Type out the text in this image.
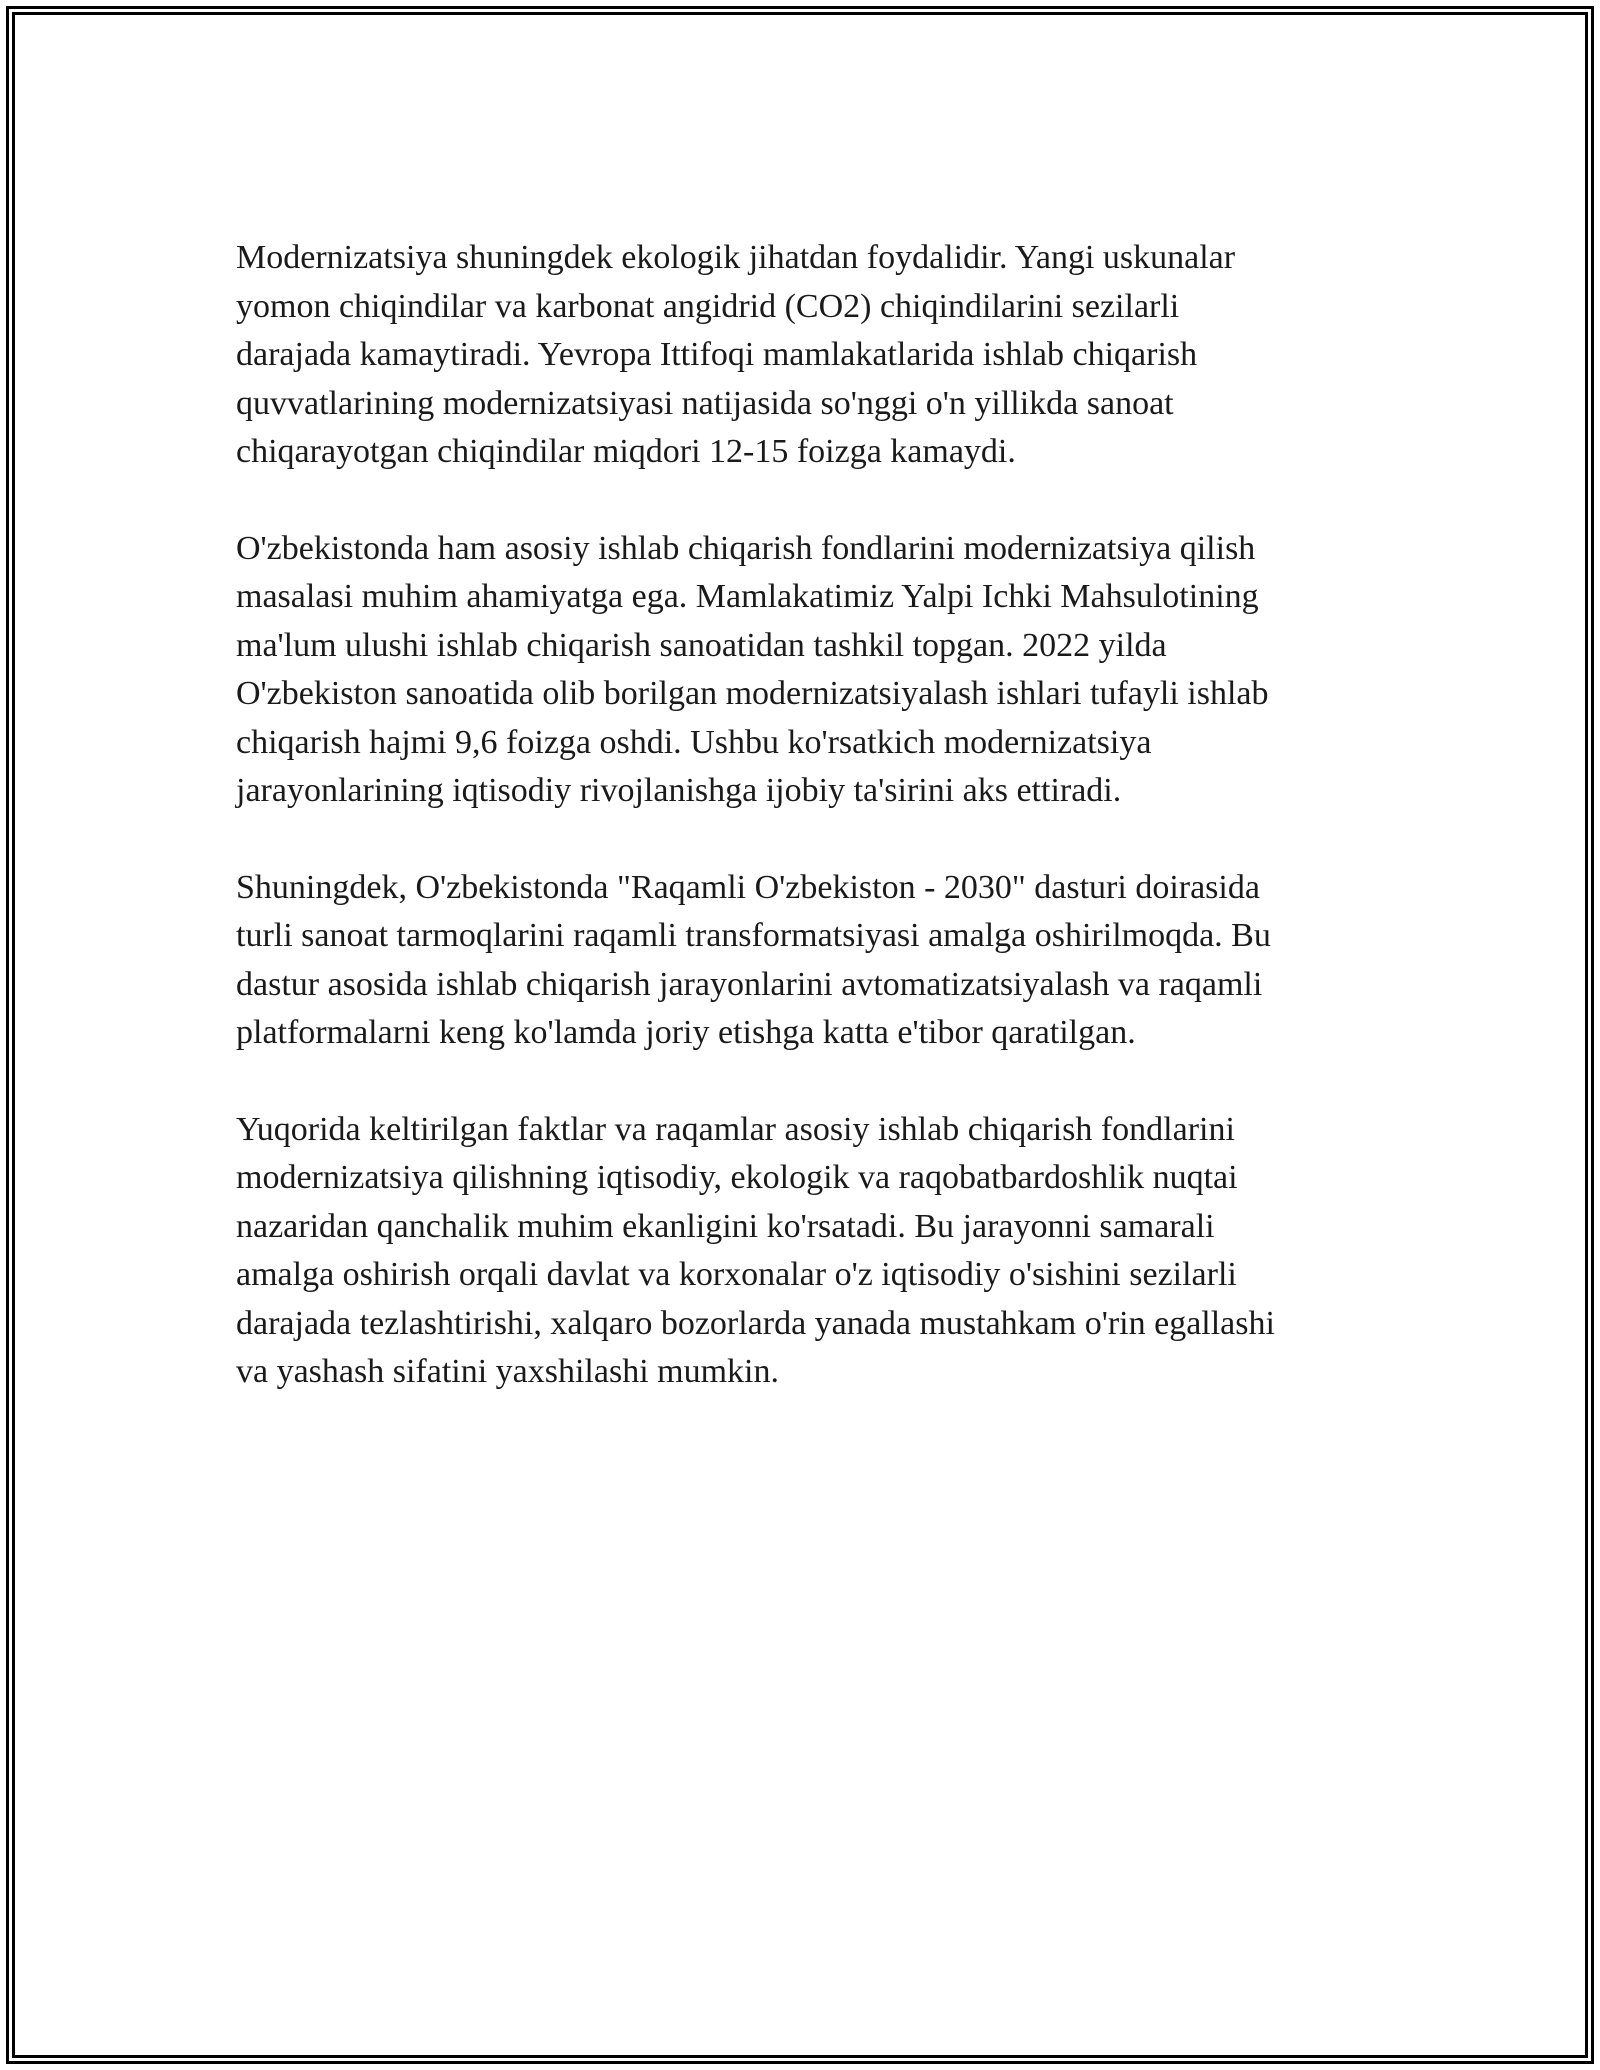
Modernizatsiya shuningdek ekologik jihatdan foydalidir. Yangi uskunalar
yomon chiqindilar va karbonat angidrid (CO2) chiqindilarini sezilarli
darajada kamaytiradi. Yevropa Ittifoqi mamlakatlarida ishlab chiqarish
quvvatlarining modernizatsiyasi natijasida so'nggi o'n yillikda sanoat
chiqarayotgan chiqindilar miqdori 12-15 foizga kamaydi.

O'zbekistonda ham asosiy ishlab chiqarish fondlarini modernizatsiya qilish
masalasi muhim ahamiyatga ega. Mamlakatimiz Yalpi Ichki Mahsulotining
ma'lum ulushi ishlab chiqarish sanoatidan tashkil topgan. 2022 yilda
O'zbekiston sanoatida olib borilgan modernizatsiyalash ishlari tufayli ishlab
chiqarish hajmi 9,6 foizga oshdi. Ushbu ko'rsatkich modernizatsiya
jarayonlarining iqtisodiy rivojlanishga ijobiy ta'sirini aks ettiradi.

Shuningdek, O'zbekistonda "Raqamli O'zbekiston - 2030" dasturi doirasida
turli sanoat tarmoqlarini raqamli transformatsiyasi amalga oshirilmoqda. Bu
dastur asosida ishlab chiqarish jarayonlarini avtomatizatsiyalash va raqamli
platformalarni keng ko'lamda joriy etishga katta e'tibor qaratilgan.

Yuqorida keltirilgan faktlar va raqamlar asosiy ishlab chiqarish fondlarini
modernizatsiya qilishning iqtisodiy, ekologik va raqobatbardoshlik nuqtai
nazaridan qanchalik muhim ekanligini ko'rsatadi. Bu jarayonni samarali
amalga oshirish orqali davlat va korxonalar o'z iqtisodiy o'sishini sezilarli
darajada tezlashtirishi, xalqaro bozorlarda yanada mustahkam o'rin egallashi
va yashash sifatini yaxshilashi mumkin.
